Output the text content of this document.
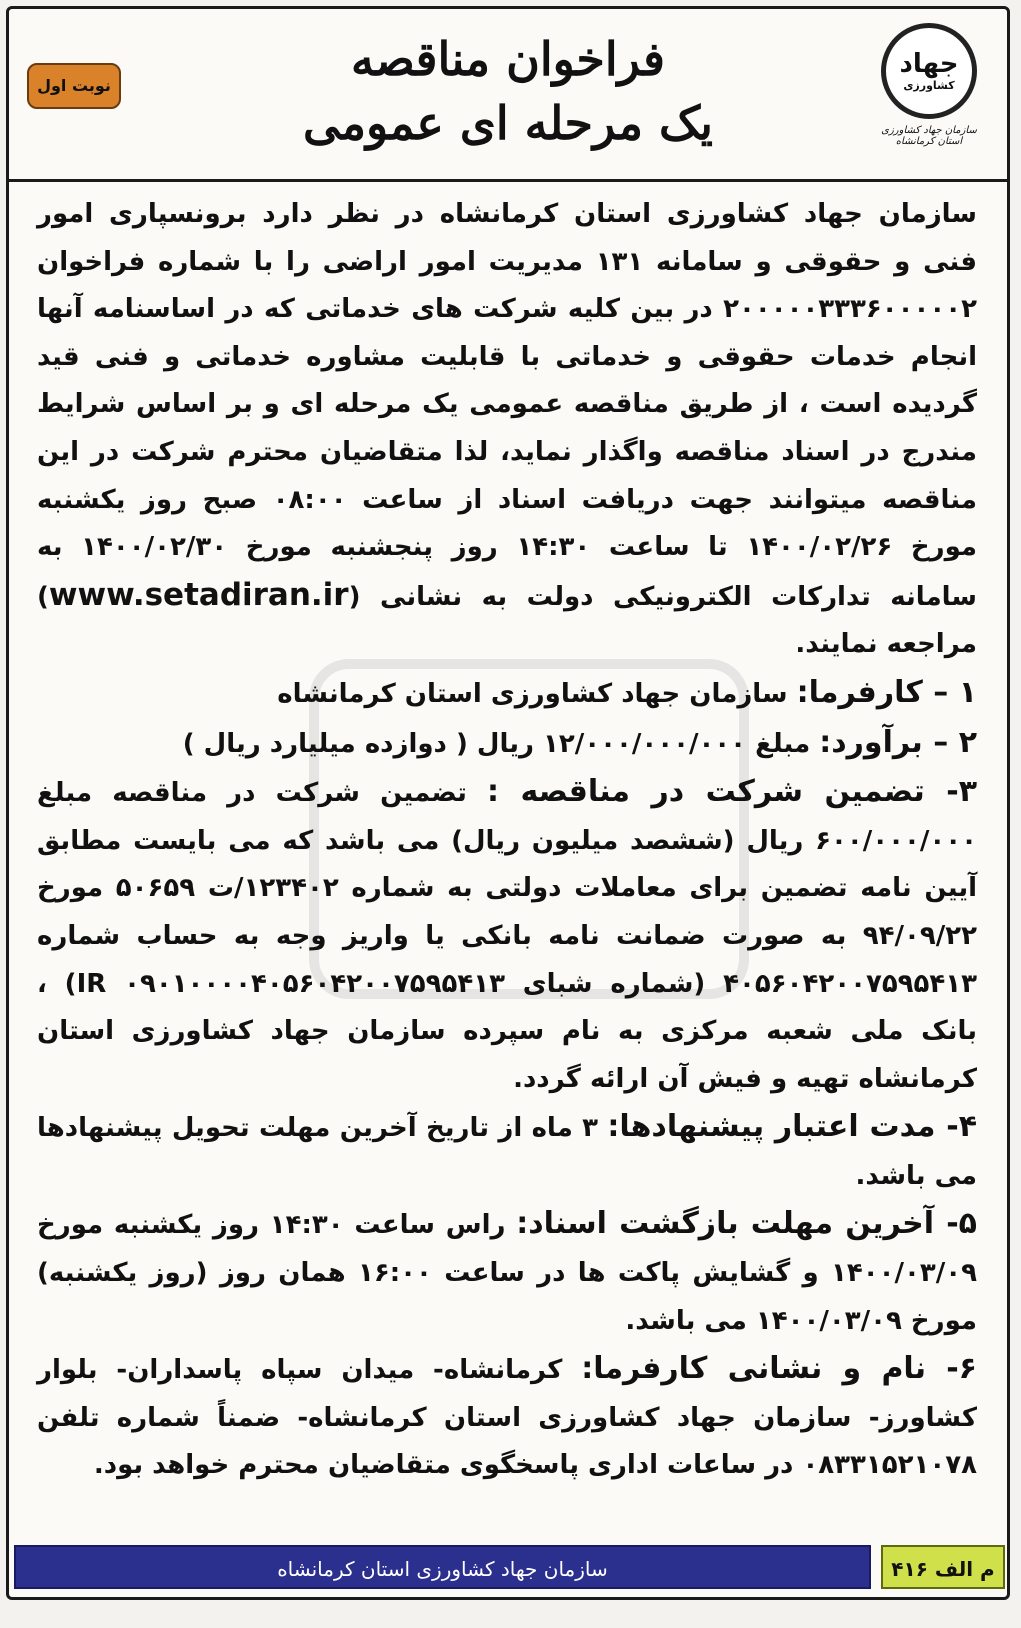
جهاد
کشاورزی
سازمان جهاد کشاورزی استان کرمانشاه
فراخوان مناقصه
یک مرحله ای عمومی
نوبت اول

سازمان جهاد کشاورزی استان کرمانشاه در نظر دارد برونسپاری امور فنی و حقوقی و سامانه ۱۳۱ مدیریت امور اراضی را با شماره فراخوان ۲۰۰۰۰۰۳۳۳۶۰۰۰۰۰۲ در بین کلیه شرکت های خدماتی که در اساسنامه آنها انجام خدمات حقوقی و خدماتی با قابلیت مشاوره خدماتی و فنی قید گردیده است ، از طریق مناقصه عمومی یک مرحله ای و بر اساس شرایط مندرج در اسناد مناقصه واگذار نماید، لذا متقاضیان محترم شرکت در این مناقصه میتوانند جهت دریافت اسناد از ساعت ۰۸:۰۰ صبح روز یکشنبه مورخ ۱۴۰۰/۰۲/۲۶ تا ساعت ۱۴:۳۰ روز پنجشنبه مورخ ۱۴۰۰/۰۲/۳۰ به سامانه تدارکات الکترونیکی دولت به نشانی (www.setadiran.ir) مراجعه نمایند.

۱ – کارفرما: سازمان جهاد کشاورزی استان کرمانشاه

۲ – برآورد: مبلغ ۱۲/۰۰۰/۰۰۰/۰۰۰ ریال ( دوازده میلیارد ریال )

۳- تضمین شرکت در مناقصه : تضمین شرکت در مناقصه مبلغ ۶۰۰/۰۰۰/۰۰۰ ریال (ششصد میلیون ریال) می باشد که می بایست مطابق آیین نامه تضمین برای معاملات دولتی به شماره ۱۲۳۴۰۲/ت ۵۰۶۵۹ مورخ ۹۴/۰۹/۲۲ به صورت ضمانت نامه بانکی یا واریز وجه به حساب شماره ۴۰۵۶۰۴۲۰۰۷۵۹۵۴۱۳ (شماره شبای IR ۰۹۰۱۰۰۰۰۴۰۵۶۰۴۲۰۰۷۵۹۵۴۱۳) ، بانک ملی شعبه مرکزی به نام سپرده سازمان جهاد کشاورزی استان کرمانشاه تهیه و فیش آن ارائه گردد.

۴- مدت اعتبار پیشنهادها: ۳ ماه از تاریخ آخرین مهلت تحویل پیشنهادها می باشد.

۵- آخرین مهلت بازگشت اسناد: راس ساعت ۱۴:۳۰ روز یکشنبه مورخ ۱۴۰۰/۰۳/۰۹ و گشایش پاکت ها در ساعت ۱۶:۰۰ همان روز (روز یکشنبه) مورخ ۱۴۰۰/۰۳/۰۹ می باشد.

۶- نام و نشانی کارفرما: کرمانشاه- میدان سپاه پاسداران- بلوار کشاورز- سازمان جهاد کشاورزی استان کرمانشاه- ضمناً شماره تلفن ۰۸۳۳۱۵۲۱۰۷۸ در ساعات اداری پاسخگوی متقاضیان محترم خواهد بود.

سازمان جهاد کشاورزی استان کرمانشاه	م الف ۴۱۶
